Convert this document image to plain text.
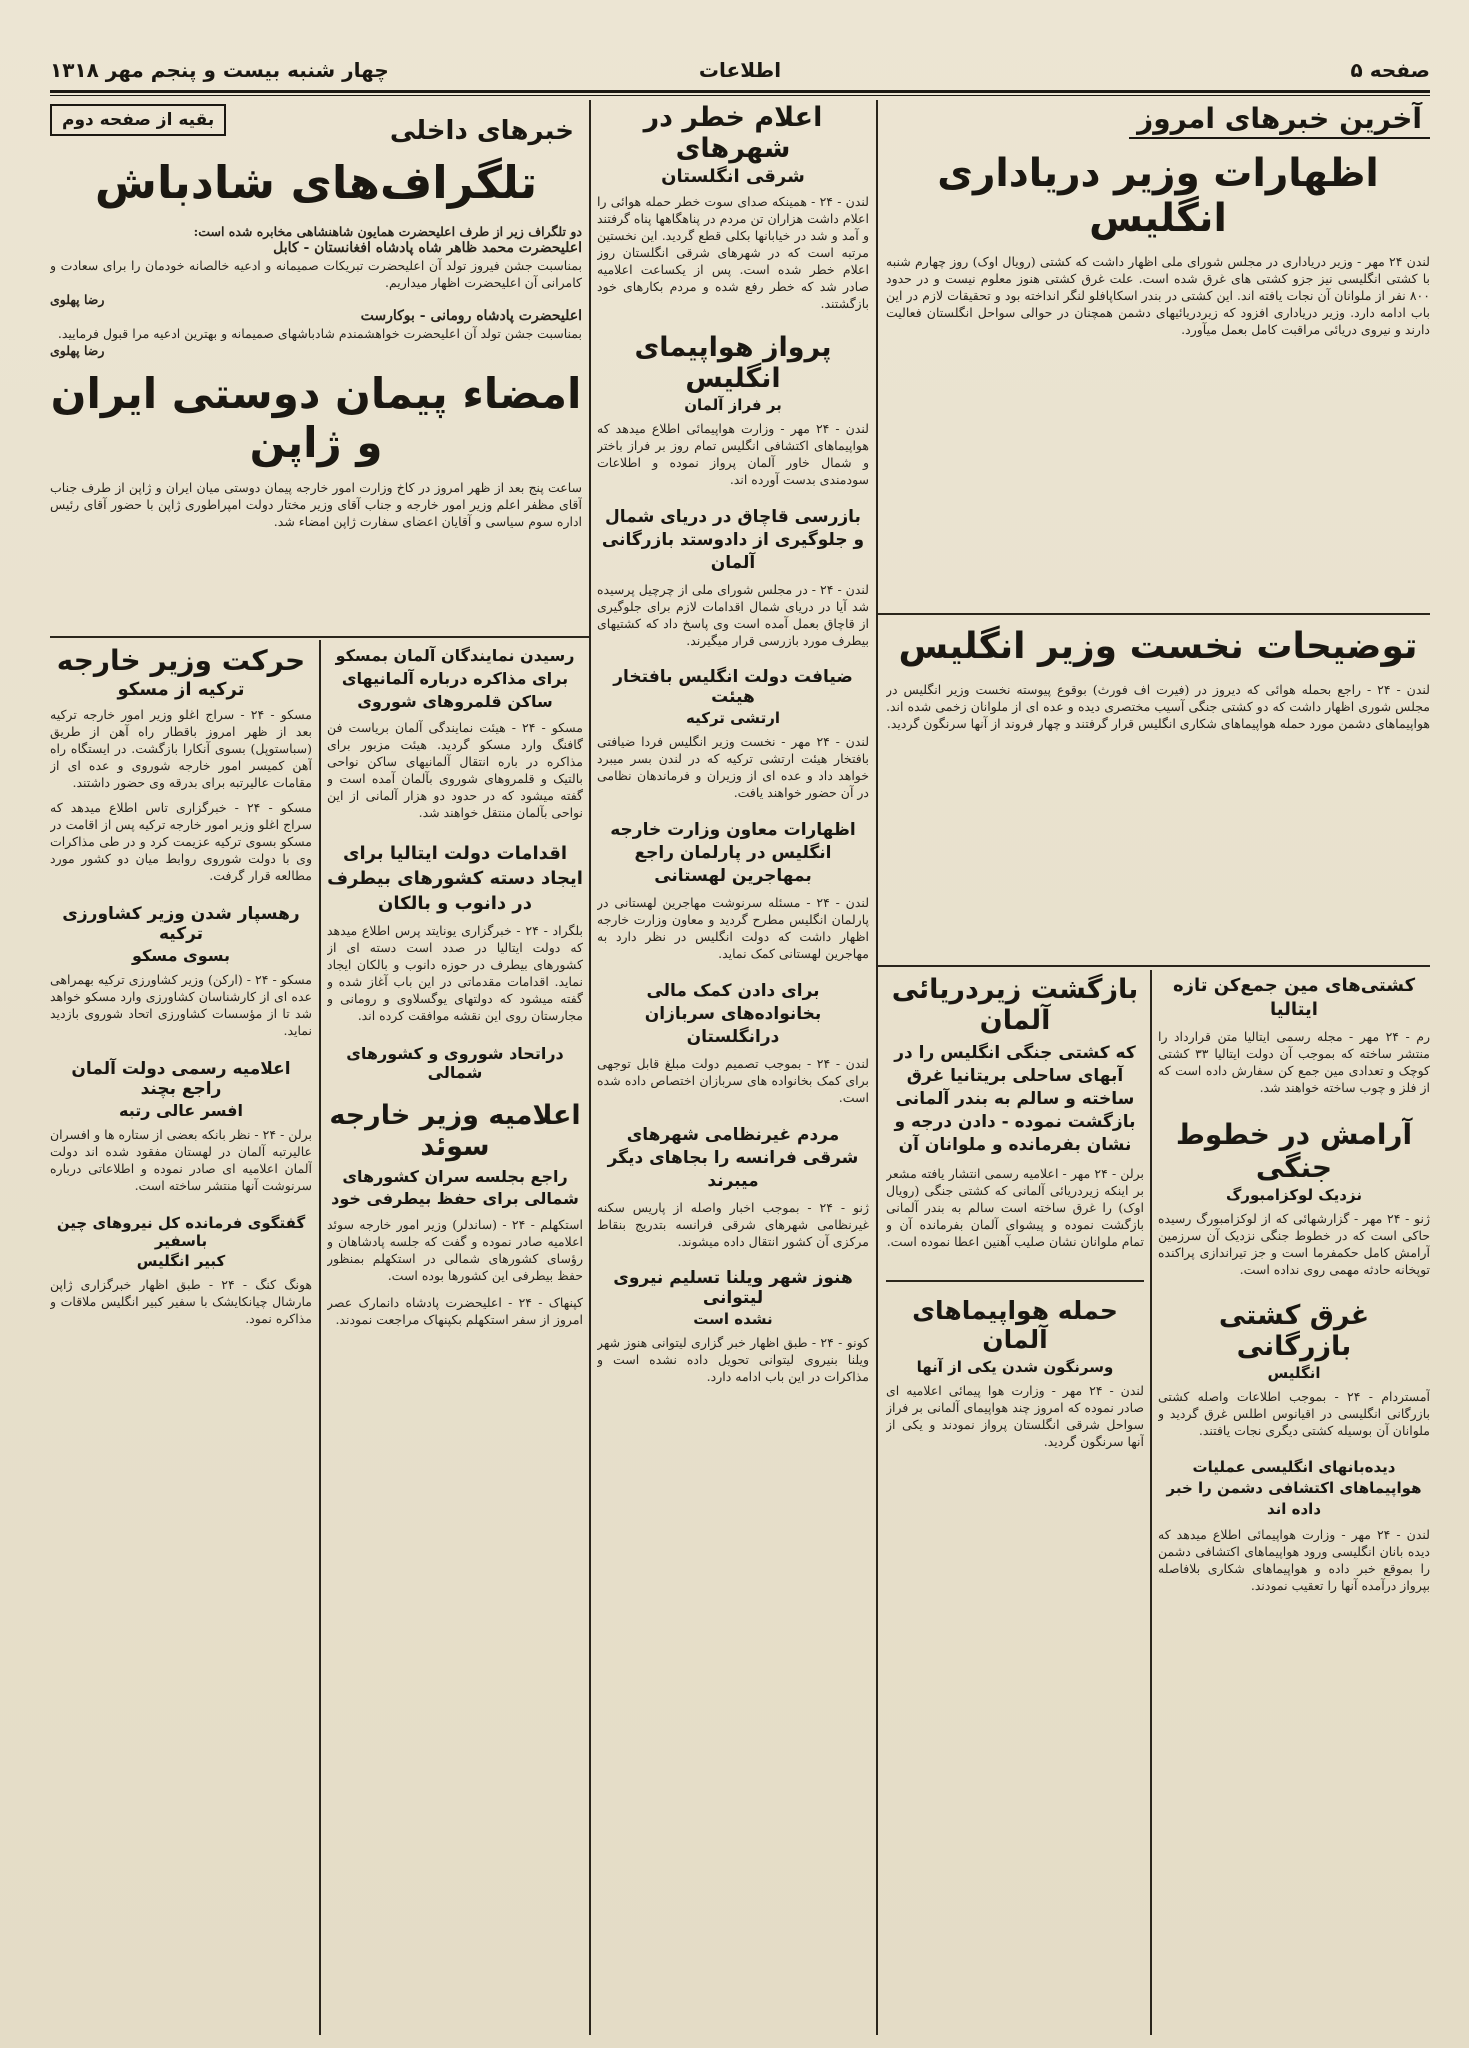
صفحه ۵
اطلاعات
چهار شنبه بیست و پنجم مهر ۱۳۱۸
آخرین خبرهای امروز
اظهارات وزیر دریاداری انگلیس

لندن ۲۴ مهر - وزیر دریاداری در مجلس شورای ملی اظهار داشت که کشتی (رویال اوک) روز چهارم شنبه با کشتی انگلیسی نیز جزو کشتی های غرق شده است. علت غرق کشتی هنوز معلوم نیست و در حدود ۸۰۰ نفر از ملوانان آن نجات یافته اند. این کشتی در بندر اسکاپافلو لنگر انداخته بود و تحقیقات لازم در این باب ادامه دارد. وزیر دریاداری افزود که زیردریائیهای دشمن همچنان در حوالی سواحل انگلستان فعالیت دارند و نیروی دریائی مراقبت کامل بعمل میآورد.

توضیحات نخست وزیر انگلیس

لندن - ۲۴ - راجع بحمله هوائی که دیروز در (فیرت اف فورث) بوقوع پیوسته نخست وزیر انگلیس در مجلس شوری اظهار داشت که دو کشتی جنگی آسیب مختصری دیده و عده ای از ملوانان زخمی شده اند. هواپیماهای دشمن مورد حمله هواپیماهای شکاری انگلیس قرار گرفتند و چهار فروند از آنها سرنگون گردید.

بازگشت زیردریائی آلمان
که کشتی جنگی انگلیس را در آبهای ساحلی بریتانیا غرق ساخته و سالم به بندر آلمانی بازگشت نموده - دادن درجه و نشان بفرمانده و ملوانان آن

برلن - ۲۴ مهر - اعلامیه رسمی انتشار یافته مشعر بر اینکه زیردریائی آلمانی که کشتی جنگی (رویال اوک) را غرق ساخته است سالم به بندر آلمانی بازگشت نموده و پیشوای آلمان بفرمانده آن و تمام ملوانان نشان صلیب آهنین اعطا نموده است.

حمله هواپیماهای آلمان
وسرنگون شدن یکی از آنها

لندن - ۲۴ مهر - وزارت هوا پیمائی اعلامیه ای صادر نموده که امروز چند هواپیمای آلمانی بر فراز سواحل شرقی انگلستان پرواز نمودند و یکی از آنها سرنگون گردید.

کشتی‌های مین جمع‌کن تازه ایتالیا

رم - ۲۴ مهر - مجله رسمی ایتالیا متن قرارداد را منتشر ساخته که بموجب آن دولت ایتالیا ۳۳ کشتی کوچک و تعدادی مین جمع کن سفارش داده است که از فلز و چوب ساخته خواهند شد.

آرامش در خطوط جنگی
نزدیک لوکزامبورگ

ژنو - ۲۴ مهر - گزارشهائی که از لوکزامبورگ رسیده حاکی است که در خطوط جنگی نزدیک آن سرزمین آرامش کامل حکمفرما است و جز تیراندازی پراکنده توپخانه حادثه مهمی روی نداده است.

غرق کشتی بازرگانی
انگلیس

آمستردام - ۲۴ - بموجب اطلاعات واصله کشتی بازرگانی انگلیسی در اقیانوس اطلس غرق گردید و ملوانان آن بوسیله کشتی دیگری نجات یافتند.

دیده‌بانهای انگلیسی عملیات هواپیماهای اکتشافی دشمن را خبر داده اند

لندن - ۲۴ مهر - وزارت هواپیمائی اطلاع میدهد که دیده بانان انگلیسی ورود هواپیماهای اکتشافی دشمن را بموقع خبر داده و هواپیماهای شکاری بلافاصله بپرواز درآمده آنها را تعقیب نمودند.

اعلام خطر در شهرهای
شرقی انگلستان

لندن - ۲۴ - همینکه صدای سوت خطر حمله هوائی را اعلام داشت هزاران تن مردم در پناهگاهها پناه گرفتند و آمد و شد در خیابانها بکلی قطع گردید. این نخستین مرتبه است که در شهرهای شرقی انگلستان روز اعلام خطر شده است. پس از یکساعت اعلامیه صادر شد که خطر رفع شده و مردم بکارهای خود بازگشتند.

پرواز هواپیمای انگلیس
بر فراز آلمان

لندن - ۲۴ مهر - وزارت هواپیمائی اطلاع میدهد که هواپیماهای اکتشافی انگلیس تمام روز بر فراز باختر و شمال خاور آلمان پرواز نموده و اطلاعات سودمندی بدست آورده اند.

بازرسی قاچاق در دریای شمال و جلوگیری از دادوستد بازرگانی آلمان

لندن - ۲۴ - در مجلس شورای ملی از چرچیل پرسیده شد آیا در دریای شمال اقدامات لازم برای جلوگیری از قاچاق بعمل آمده است وی پاسخ داد که کشتیهای بیطرف مورد بازرسی قرار میگیرند.

ضیافت دولت انگلیس بافتخار هیئت
ارتشی ترکیه

لندن - ۲۴ مهر - نخست وزیر انگلیس فردا ضیافتی بافتخار هیئت ارتشی ترکیه که در لندن بسر میبرد خواهد داد و عده ای از وزیران و فرماندهان نظامی در آن حضور خواهند یافت.

اظهارات معاون وزارت خارجه انگلیس در پارلمان راجع بمهاجرین لهستانی

لندن - ۲۴ - مسئله سرنوشت مهاجرین لهستانی در پارلمان انگلیس مطرح گردید و معاون وزارت خارجه اظهار داشت که دولت انگلیس در نظر دارد به مهاجرین لهستانی کمک نماید.

برای دادن کمک مالی بخانواده‌های سربازان درانگلستان

لندن - ۲۴ - بموجب تصمیم دولت مبلغ قابل توجهی برای کمک بخانواده های سربازان اختصاص داده شده است.

مردم غیرنظامی شهرهای شرقی فرانسه را بجاهای دیگر میبرند

ژنو - ۲۴ - بموجب اخبار واصله از پاریس سکنه غیرنظامی شهرهای شرقی فرانسه بتدریج بنقاط مرکزی آن کشور انتقال داده میشوند.

هنوز شهر ویلنا تسلیم نیروی لیتوانی
نشده است

کونو - ۲۴ - طبق اظهار خبر گزاری لیتوانی هنوز شهر ویلنا بنیروی لیتوانی تحویل داده نشده است و مذاکرات در این باب ادامه دارد.

بقیه از صفحه دوم	خبرهای داخلی
تلگراف‌های شادباش

دو تلگراف زیر از طرف اعلیحضرت همایون شاهنشاهی مخابره شده است:

اعلیحضرت محمد ظاهر شاه پادشاه افغانستان - کابل

بمناسبت جشن فیروز تولد آن اعلیحضرت تبریکات صمیمانه و ادعیه خالصانه خودمان را برای سعادت و کامرانی آن اعلیحضرت اظهار میداریم.

رضا پهلوی

اعلیحضرت پادشاه رومانی - بوکارست

بمناسبت جشن تولد آن اعلیحضرت خواهشمندم شادباشهای صمیمانه و بهترین ادعیه مرا قبول فرمایید.

رضا پهلوی

امضاء پیمان دوستی ایران و ژاپن

ساعت پنج بعد از ظهر امروز در کاخ وزارت امور خارجه پیمان دوستی میان ایران و ژاپن از طرف جناب آقای مظفر اعلم وزیر امور خارجه و جناب آقای وزیر مختار دولت امپراطوری ژاپن با حضور آقای رئیس اداره سوم سیاسی و آقایان اعضای سفارت ژاپن امضاء شد.

رسیدن نمایندگان آلمان بمسکو برای مذاکره درباره آلمانیهای ساکن قلمروهای شوروی

مسکو - ۲۴ - هیئت نمایندگی آلمان بریاست فن گافنگ وارد مسکو گردید. هیئت مزبور برای مذاکره در باره انتقال آلمانیهای ساکن نواحی بالتیک و قلمروهای شوروی بآلمان آمده است و گفته میشود که در حدود دو هزار آلمانی از این نواحی بآلمان منتقل خواهند شد.

اقدامات دولت ایتالیا برای ایجاد دسته کشورهای بیطرف در دانوب و بالکان

بلگراد - ۲۴ - خبرگزاری یونایتد پرس اطلاع میدهد که دولت ایتالیا در صدد است دسته ای از کشورهای بیطرف در حوزه دانوب و بالکان ایجاد نماید. اقدامات مقدماتی در این باب آغاز شده و گفته میشود که دولتهای یوگسلاوی و رومانی و مجارستان روی این نقشه موافقت کرده اند.

دراتحاد شوروی و کشورهای شمالی
اعلامیه وزیر خارجه سوئد
راجع بجلسه سران کشورهای شمالی برای حفظ بیطرفی خود

استکهلم - ۲۴ - (ساندلر) وزیر امور خارجه سوئد اعلامیه صادر نموده و گفت که جلسه پادشاهان و رؤسای کشورهای شمالی در استکهلم بمنظور حفظ بیطرفی این کشورها بوده است.

کپنهاک - ۲۴ - اعلیحضرت پادشاه دانمارک عصر امروز از سفر استکهلم بکپنهاک مراجعت نمودند.

حرکت وزیر خارجه
ترکیه از مسکو

مسکو - ۲۴ - سراج اغلو وزیر امور خارجه ترکیه بعد از ظهر امروز باقطار راه آهن از طریق (سباستوپل) بسوی آنکارا بازگشت. در ایستگاه راه آهن کمیسر امور خارجه شوروی و عده ای از مقامات عالیرتبه برای بدرقه وی حضور داشتند.

مسکو - ۲۴ - خبرگزاری تاس اطلاع میدهد که سراج اغلو وزیر امور خارجه ترکیه پس از اقامت در مسکو بسوی ترکیه عزیمت کرد و در طی مذاکرات وی با دولت شوروی روابط میان دو کشور مورد مطالعه قرار گرفت.

رهسپار شدن وزیر کشاورزی ترکیه
بسوی مسکو

مسکو - ۲۴ - (ارکن) وزیر کشاورزی ترکیه بهمراهی عده ای از کارشناسان کشاورزی وارد مسکو خواهد شد تا از مؤسسات کشاورزی اتحاد شوروی بازدید نماید.

اعلامیه رسمی دولت آلمان راجع بچند
افسر عالی رتبه

برلن - ۲۴ - نظر بانکه بعضی از ستاره ها و افسران عالیرتبه آلمان در لهستان مفقود شده اند دولت آلمان اعلامیه ای صادر نموده و اطلاعاتی درباره سرنوشت آنها منتشر ساخته است.

گفتگوی فرمانده کل نیروهای چین باسفیر
کبیر انگلیس

هونگ کنگ - ۲۴ - طبق اظهار خبرگزاری ژاپن مارشال چیانکایشک با سفیر کبیر انگلیس ملاقات و مذاکره نمود.
